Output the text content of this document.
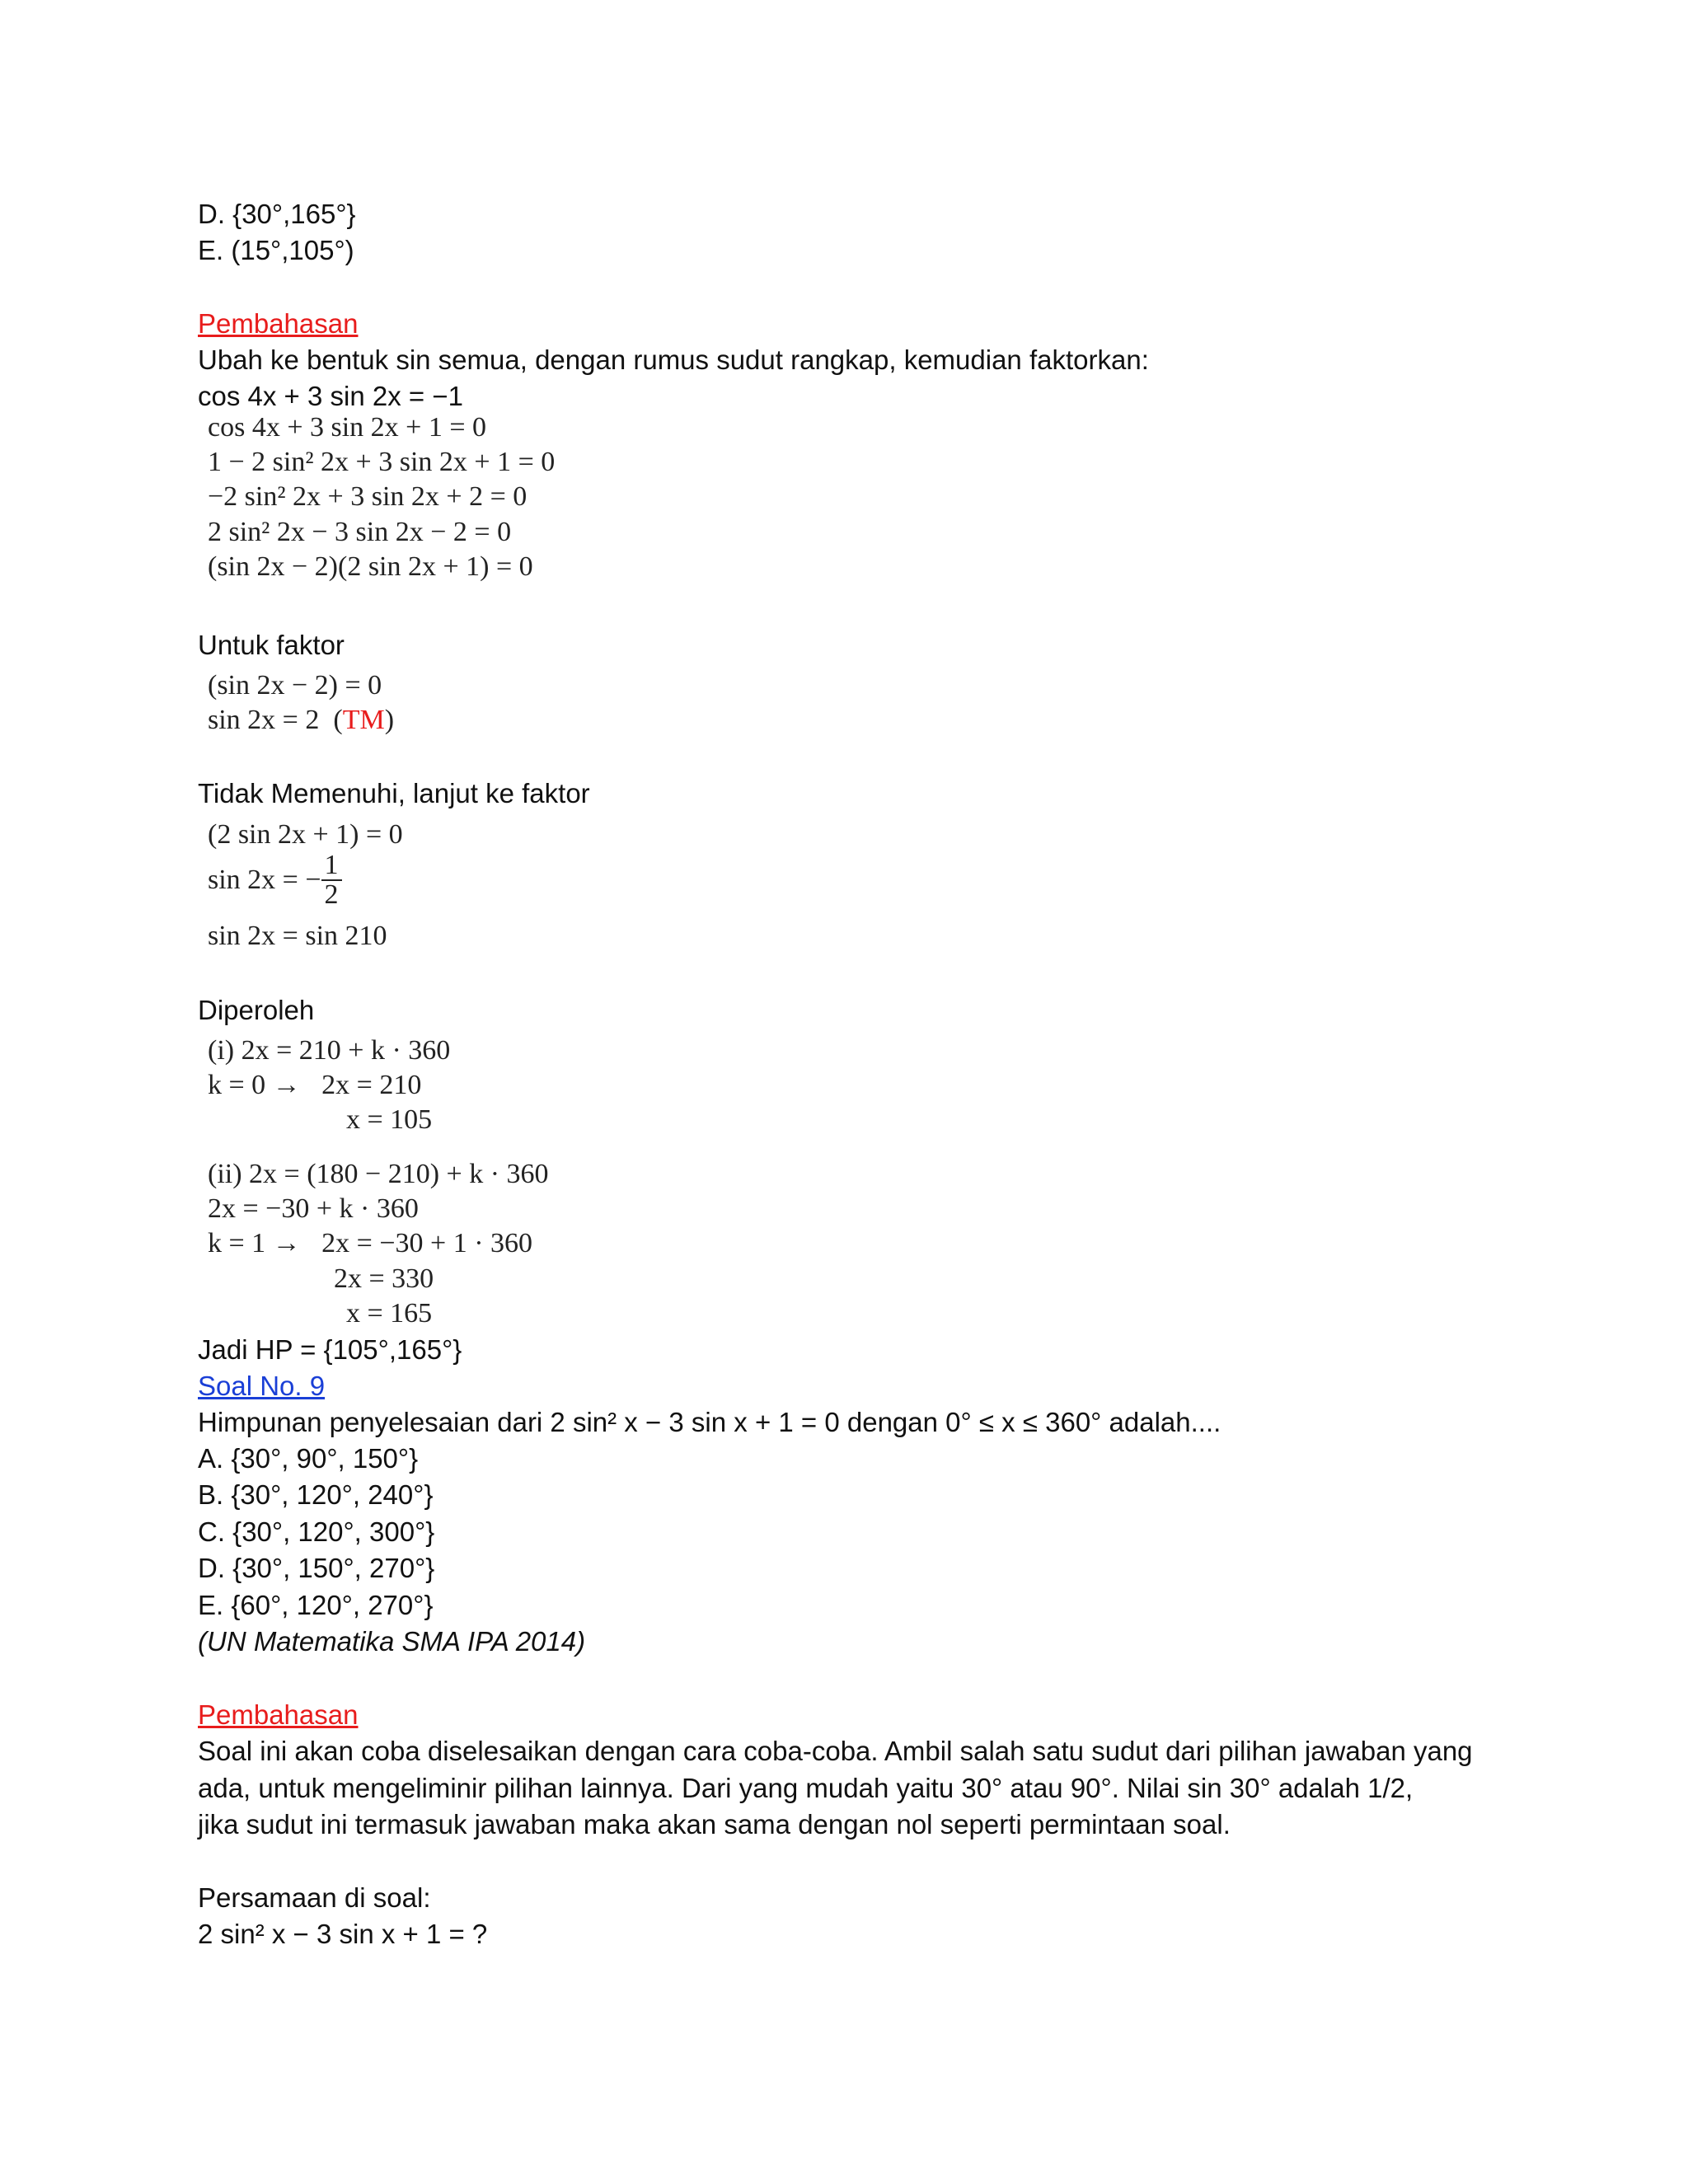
D. {30°,165°}
E. (15°,105°)
Pembahasan
Ubah ke bentuk sin semua, dengan rumus sudut rangkap, kemudian faktorkan:
cos 4x + 3 sin 2x = −1
cos 4x + 3 sin 2x + 1 = 0
1 − 2 sin² 2x + 3 sin 2x + 1 = 0
−2 sin² 2x + 3 sin 2x + 2 = 0
2 sin² 2x − 3 sin 2x − 2 = 0
(sin 2x − 2)(2 sin 2x + 1) = 0
Untuk faktor
(sin 2x − 2) = 0
sin 2x = 2  (TM)
Tidak Memenuhi, lanjut ke faktor
(2 sin 2x + 1) = 0
sin 2x = − $\frac{1}{2}$
sin 2x = sin 210
Diperoleh
(i) 2x = 210 + k · 360
k = 0 →   2x = 210
x = 105
(ii) 2x = (180 − 210) + k · 360
2x = −30 + k · 360
k = 1 →   2x = −30 + 1 · 360
2x = 330
x = 165
Jadi HP = {105°,165°}
Soal No. 9
Himpunan penyelesaian dari 2 sin² x − 3 sin x + 1 = 0 dengan 0° ≤ x ≤ 360° adalah....
A. {30°, 90°, 150°}
B. {30°, 120°, 240°}
C. {30°, 120°, 300°}
D. {30°, 150°, 270°}
E. {60°, 120°, 270°}
(UN Matematika SMA IPA 2014)
Pembahasan
Soal ini akan coba diselesaikan dengan cara coba-coba. Ambil salah satu sudut dari pilihan jawaban yang
ada, untuk mengeliminir pilihan lainnya. Dari yang mudah yaitu 30° atau 90°. Nilai sin 30° adalah 1/2,
jika sudut ini termasuk jawaban maka akan sama dengan nol seperti permintaan soal.
Persamaan di soal:
2 sin² x − 3 sin x + 1 = ?
